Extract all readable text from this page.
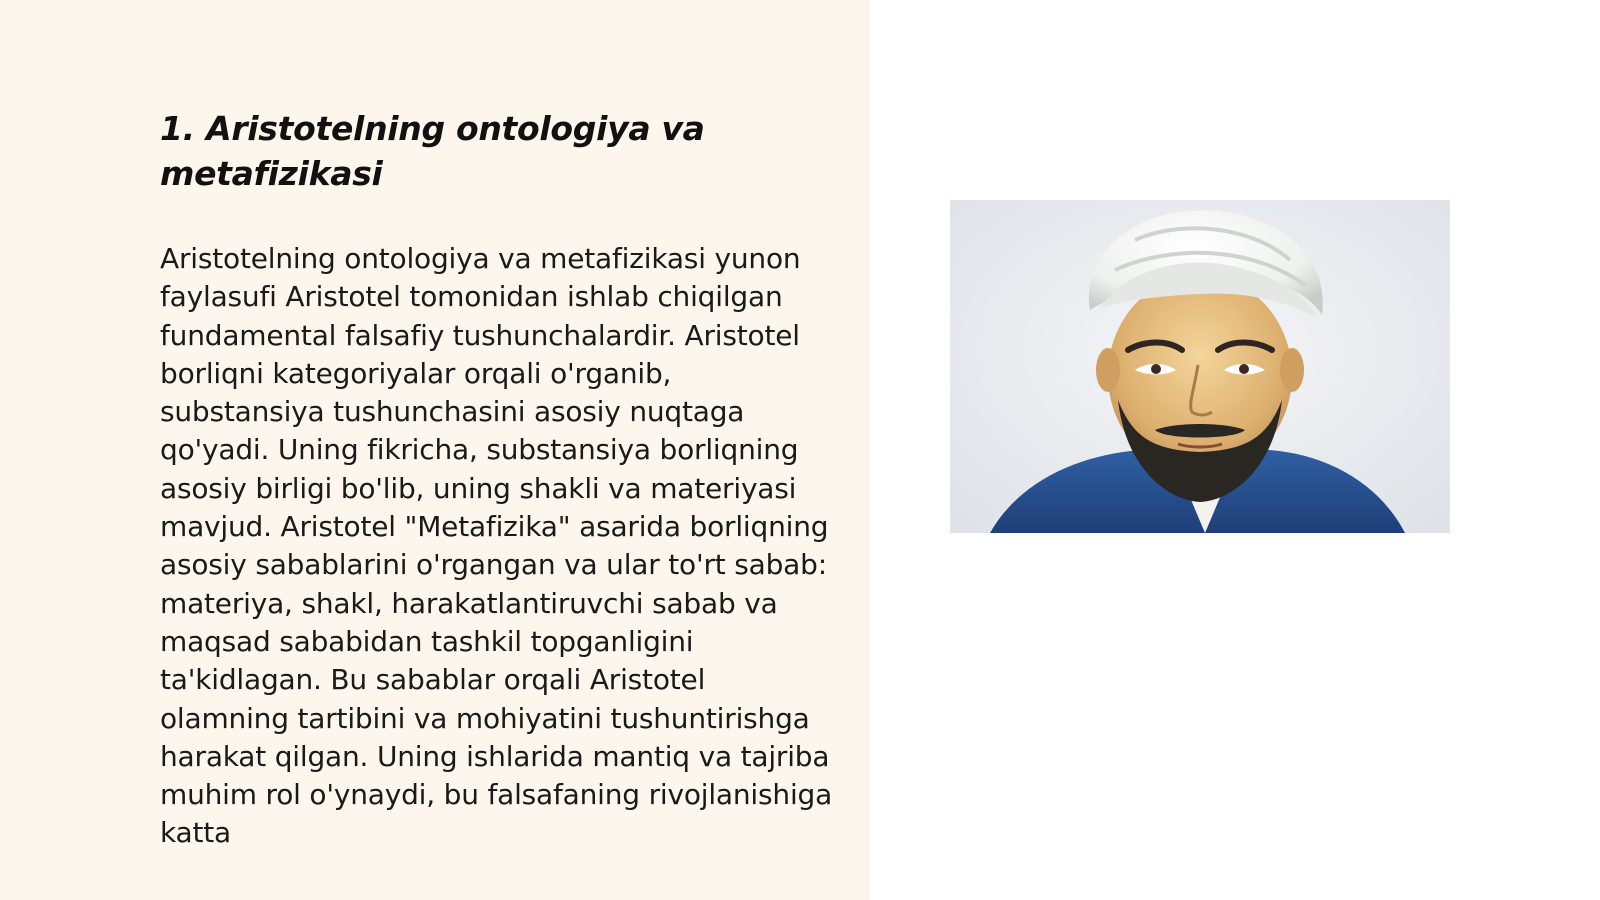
1. Aristotelning ontologiya va metafizikasi

Aristotelning ontologiya va metafizikasi yunon faylasufi Aristotel tomonidan ishlab chiqilgan fundamental falsafiy tushunchalardir. Aristotel borliqni kategoriyalar orqali o'rganib, substansiya tushunchasini asosiy nuqtaga qo'yadi. Uning fikricha, substansiya borliqning asosiy birligi bo'lib, uning shakli va materiyasi mavjud. Aristotel "Metafizika" asarida borliqning asosiy sabablarini o'rgangan va ular to'rt sabab: materiya, shakl, harakatlantiruvchi sabab va maqsad sababidan tashkil topganligini ta'kidlagan. Bu sabablar orqali Aristotel olamning tartibini va mohiyatini tushuntirishga harakat qilgan. Uning ishlarida mantiq va tajriba muhim rol o'ynaydi, bu falsafaning rivojlanishiga katta
